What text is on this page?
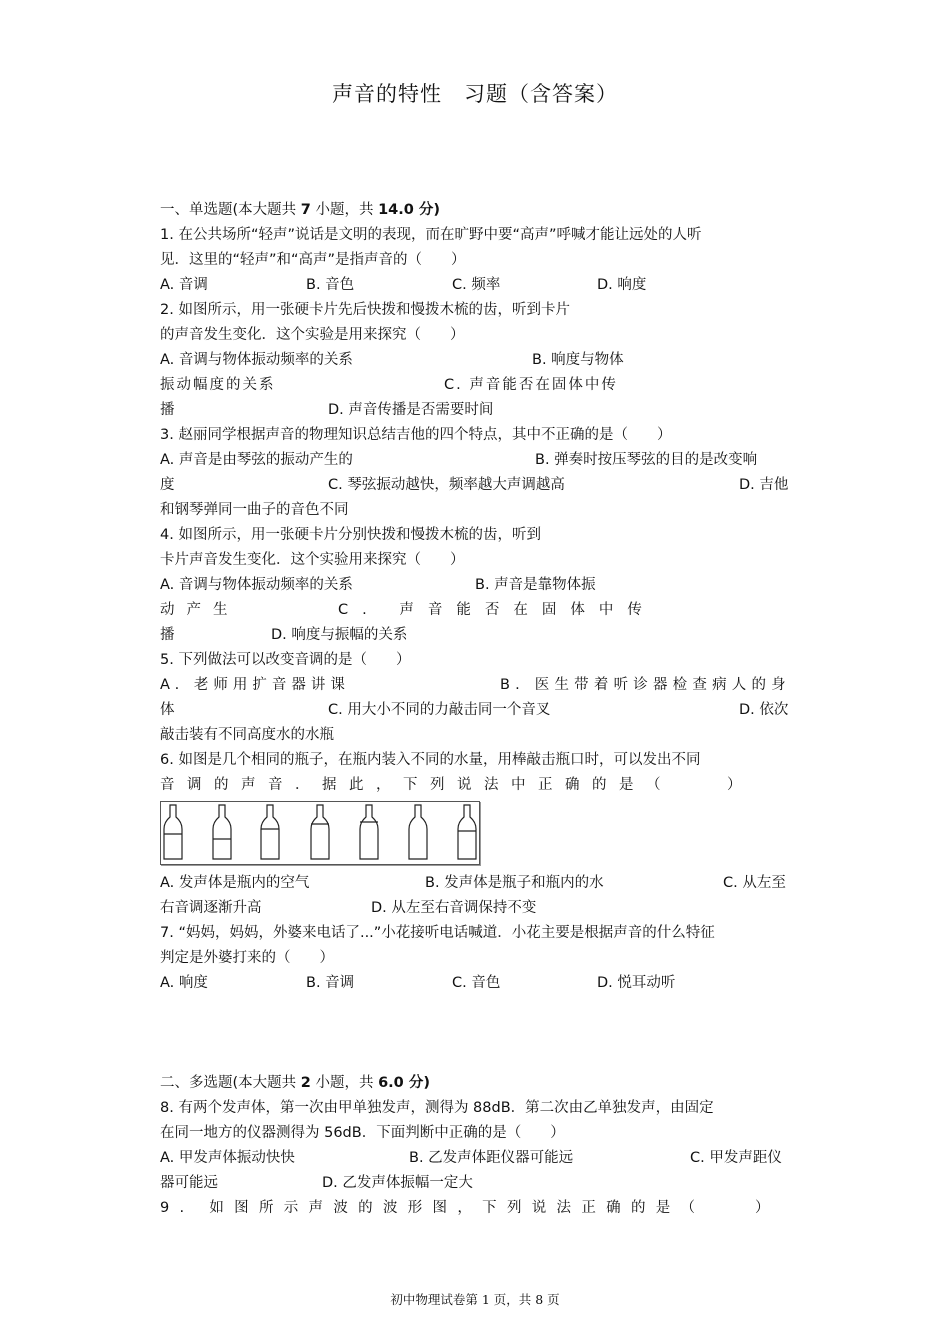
声音的特性　习题（含答案）
一、单选题(本大题共 7 小题，共 14.0 分)
1. 在公共场所“轻声”说话是文明的表现，而在旷野中要“高声”呼喊才能让远处的人听
见．这里的“轻声”和“高声”是指声音的（　　）
A. 音调	B. 音色	C. 频率	D. 响度
2. 如图所示，用一张硬卡片先后快拨和慢拨木梳的齿，听到卡片
的声音发生变化．这个实验是用来探究（　　）
A. 音调与物体振动频率的关系	B. 响度与物体
振动幅度的关系	C. 声音能否在固体中传
播	D. 声音传播是否需要时间
3. 赵丽同学根据声音的物理知识总结吉他的四个特点，其中不正确的是（　　）
A. 声音是由琴弦的振动产生的	B. 弹奏时按压琴弦的目的是改变响
度	C. 琴弦振动越快，频率越大声调越高	D. 吉他
和钢琴弹同一曲子的音色不同
4. 如图所示，用一张硬卡片分别快拨和慢拨木梳的齿，听到
卡片声音发生变化．这个实验用来探究（　　）
A. 音调与物体振动频率的关系	B. 声音是靠物体振
动产生	C. 声音能否在固体中传
播	D. 响度与振幅的关系
5. 下列做法可以改变音调的是（　　）
A. 老师用扩音器讲课	B. 医生带着听诊器检查病人的身
体	C. 用大小不同的力敲击同一个音叉	D. 依次
敲击装有不同高度水的水瓶
6. 如图是几个相同的瓶子，在瓶内装入不同的水量，用棒敲击瓶口时，可以发出不同
音调的声音．据此，下列说法中正确的是（　　）
A. 发声体是瓶内的空气	B. 发声体是瓶子和瓶内的水	C. 从左至
右音调逐渐升高	D. 从左至右音调保持不变
7. “妈妈，妈妈，外婆来电话了...”小花接听电话喊道．小花主要是根据声音的什么特征
判定是外婆打来的（　　）
A. 响度	B. 音调	C. 音色	D. 悦耳动听
二、多选题(本大题共 2 小题，共 6.0 分)
8. 有两个发声体，第一次由甲单独发声，测得为 88dB．第二次由乙单独发声，由固定
在同一地方的仪器测得为 56dB．下面判断中正确的是（　　）
A. 甲发声体振动快快	B. 乙发声体距仪器可能远	C. 甲发声距仪
器可能远	D. 乙发声体振幅一定大
9. 如图所示声波的波形图，下列说法正确的是（　　）
初中物理试卷第 1 页，共 8 页
